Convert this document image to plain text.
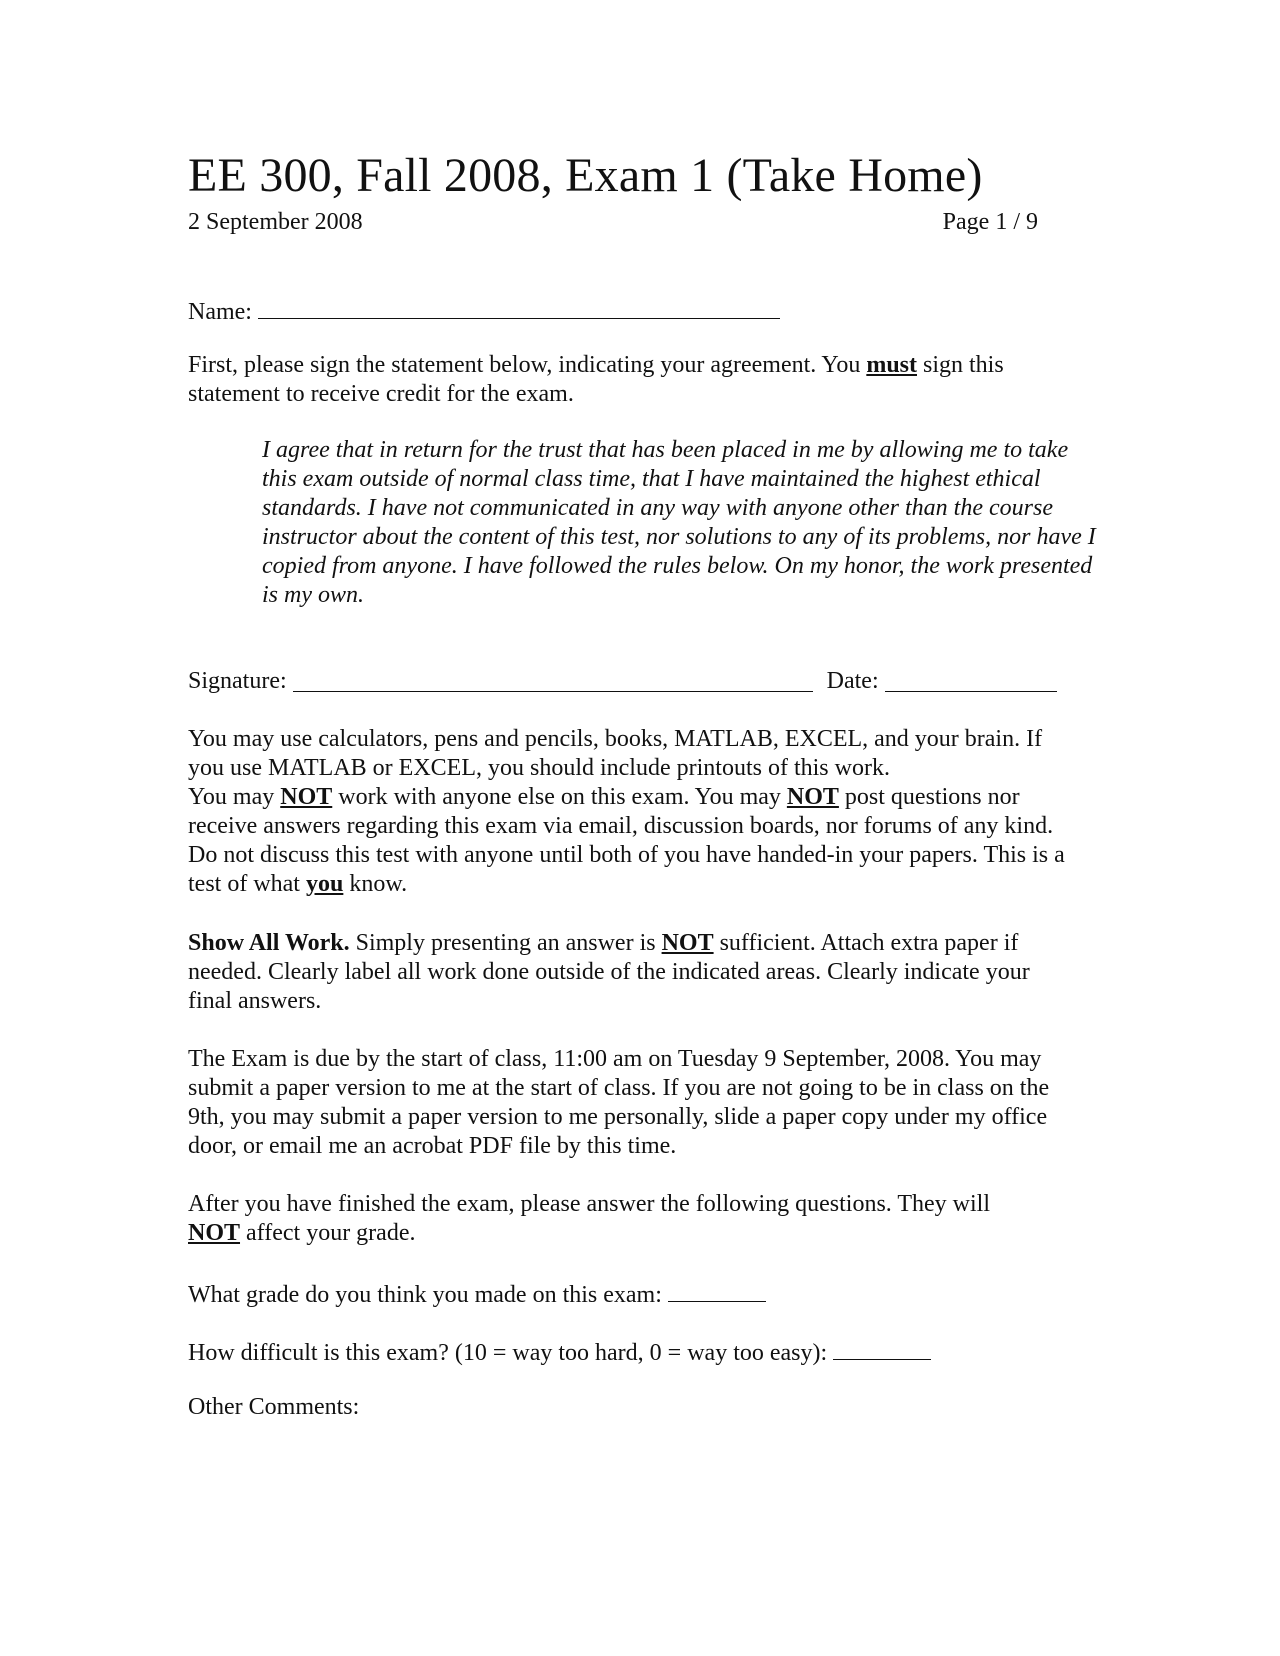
EE 300, Fall 2008, Exam 1 (Take Home)
2 September 2008	Page 1 / 9
Name:

First, please sign the statement below, indicating your agreement. You must sign this statement to receive credit for the exam.

I agree that in return for the trust that has been placed in me by allowing me to take this exam outside of normal class time, that I have maintained the highest ethical standards. I have not communicated in any way with anyone other than the course instructor about the content of this test, nor solutions to any of its problems, nor have I copied from anyone. I have followed the rules below. On my honor, the work presented is my own.

Signature:	Date:

You may use calculators, pens and pencils, books, MATLAB, EXCEL, and your brain. If you use MATLAB or EXCEL, you should include printouts of this work.

You may NOT work with anyone else on this exam. You may NOT post questions nor receive answers regarding this exam via email, discussion boards, nor forums of any kind. Do not discuss this test with anyone until both of you have handed-in your papers. This is a test of what you know.

Show All Work. Simply presenting an answer is NOT sufficient. Attach extra paper if needed. Clearly label all work done outside of the indicated areas. Clearly indicate your final answers.

The Exam is due by the start of class, 11:00 am on Tuesday 9 September, 2008. You may submit a paper version to me at the start of class. If you are not going to be in class on the 9th, you may submit a paper version to me personally, slide a paper copy under my office door, or email me an acrobat PDF file by this time.

After you have finished the exam, please answer the following questions. They will NOT affect your grade.

What grade do you think you made on this exam:
How difficult is this exam? (10 = way too hard, 0 = way too easy):
Other Comments:
